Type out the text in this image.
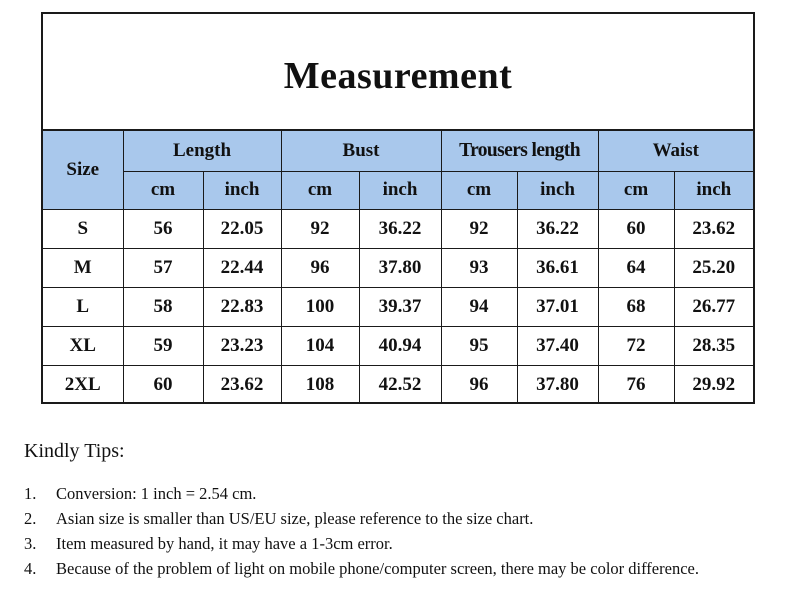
Measurement
Size	Length		Bust		Trousers length		Waist	
	cm	inch	cm	inch	cm	inch	cm	inch
S	56	22.05	92	36.22	92	36.22	60	23.62
M	57	22.44	96	37.80	93	36.61	64	25.20
L	58	22.83	100	39.37	94	37.01	68	26.77
XL	59	23.23	104	40.94	95	37.40	72	28.35
2XL	60	23.62	108	42.52	96	37.80	76	29.92
Kindly Tips:
1.	Conversion: 1 inch = 2.54 cm.
2.	Asian size is smaller than US/EU size, please reference to the size chart.
3.	Item measured by hand, it may have a 1-3cm error.
4.	Because of the problem of light on mobile phone/computer screen, there may be color difference.
